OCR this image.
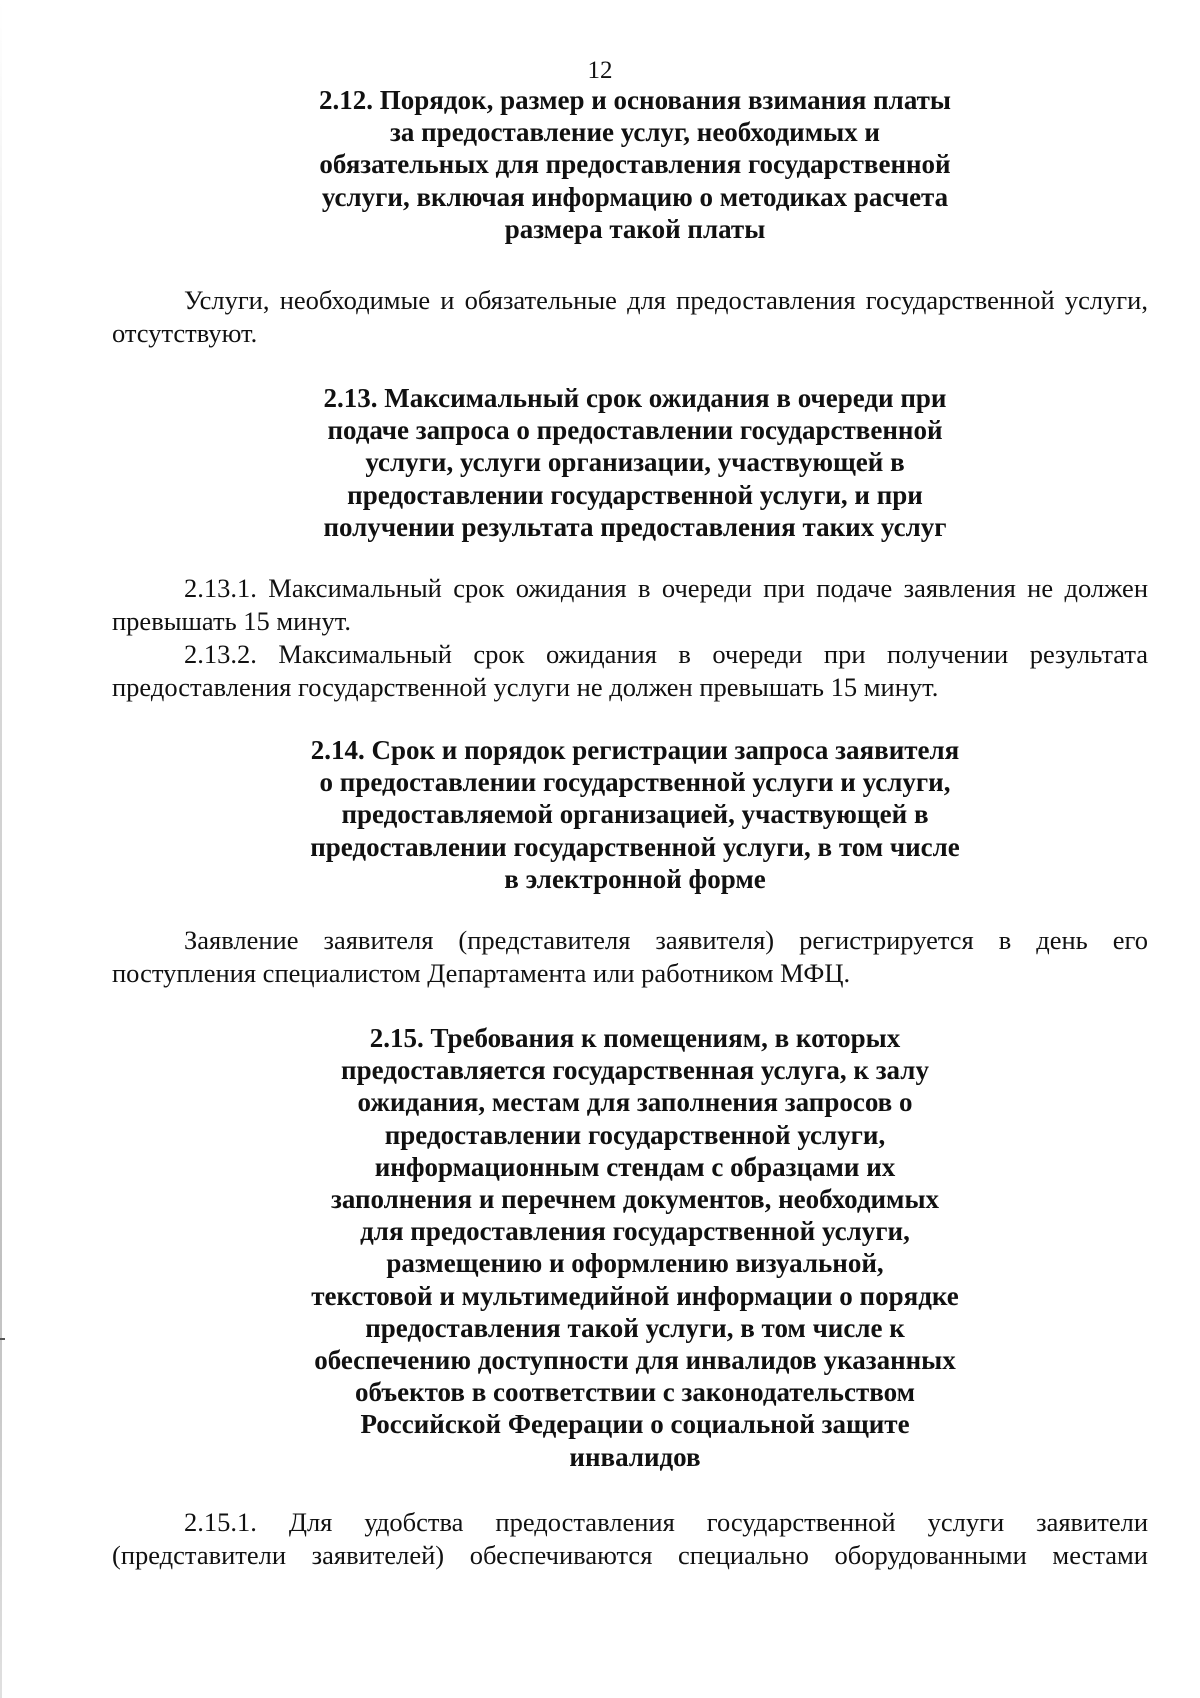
12
2.12. Порядок, размер и основания взимания платы
за предоставление услуг, необходимых и
обязательных для предоставления государственной
услуги, включая информацию о методиках расчета
размера такой платы
Услуги, необходимые и обязательные для предоставления государственной услуги, отсутствуют.
2.13. Максимальный срок ожидания в очереди при
подаче запроса о предоставлении государственной
услуги, услуги организации, участвующей в
предоставлении государственной услуги, и при
получении результата предоставления таких услуг
2.13.1. Максимальный срок ожидания в очереди при подаче заявления не должен превышать 15 минут.
2.13.2. Максимальный срок ожидания в очереди при получении результата предоставления государственной услуги не должен превышать 15 минут.
2.14. Срок и порядок регистрации запроса заявителя
о предоставлении государственной услуги и услуги,
предоставляемой организацией, участвующей в
предоставлении государственной услуги, в том числе
в электронной форме
Заявление заявителя (представителя заявителя) регистрируется в день его поступления специалистом Департамента или работником МФЦ.
2.15. Требования к помещениям, в которых
предоставляется государственная услуга, к залу
ожидания, местам для заполнения запросов о
предоставлении государственной услуги,
информационным стендам с образцами их
заполнения и перечнем документов, необходимых
для предоставления государственной услуги,
размещению и оформлению визуальной,
текстовой и мультимедийной информации о порядке
предоставления такой услуги, в том числе к
обеспечению доступности для инвалидов указанных
объектов в соответствии с законодательством
Российской Федерации о социальной защите
инвалидов
2.15.1. Для удобства предоставления государственной услуги заявители (представители заявителей) обеспечиваются специально оборудованными местами
